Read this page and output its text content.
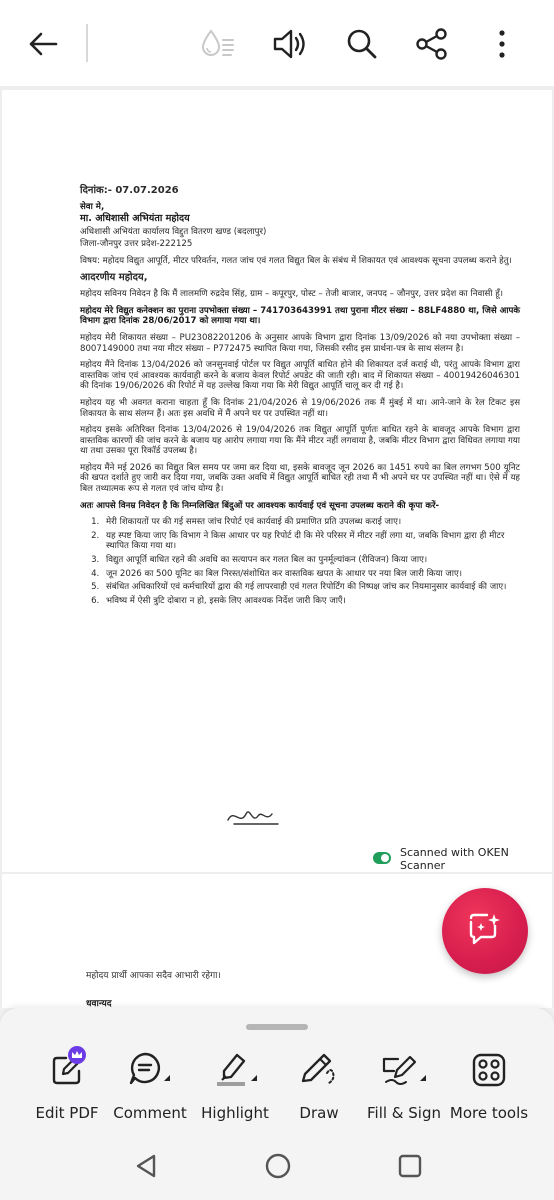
दिनांक:- 07.07.2026
सेवा मे,
मा. अधिशासी अभियंता महोदय
अधिशासी अभियंता कार्यालय विद्दुत वितरण खण्ड (बदलापुर)

जिला-जौनपुर उत्तर प्रदेश-222125

विषय: महोदय विद्युत आपूर्ति, मीटर परिवर्तन, गलत जांच एवं गलत विद्युत बिल के संबंध में शिकायत एवं आवश्यक सूचना उपलब्ध कराने हेतु।

आदरणीय महोदय,

महोदय सविनय निवेदन है कि मैं लालमणि रुद्रदेव सिंह, ग्राम – कपूरपुर, पोस्ट – तेजी बाजार, जनपद – जौनपुर, उत्तर प्रदेश का निवासी हूँ।

महोदय मेरे विद्युत कनेक्शन का पुराना उपभोक्ता संख्या – 741703643991 तथा पुराना मीटर संख्या – 88LF4880 था, जिसे आपके विभाग द्वारा दिनांक 28/06/2017 को लगाया गया था।

महोदय मेरी शिकायत संख्या – PU23082201206 के अनुसार आपके विभाग द्वारा दिनांक 13/09/2026 को नया उपभोक्ता संख्या – 8007149000 तथा नया मीटर संख्या – P772475 स्थापित किया गया, जिसकी रसीद इस प्रार्थना-पत्र के साथ संलग्न है।

महोदय मैंने दिनांक 13/04/2026 को जनसुनवाई पोर्टल पर विद्युत आपूर्ति बाधित होने की शिकायत दर्ज कराई थी, परंतु आपके विभाग द्वारा वास्तविक जांच एवं आवश्यक कार्यवाही करने के बजाय केवल रिपोर्ट अपडेट की जाती रही। बाद में शिकायत संख्या – 40019426046301 की दिनांक 19/06/2026 की रिपोर्ट में यह उल्लेख किया गया कि मेरी विद्युत आपूर्ति चालू कर दी गई है।

महोदय यह भी अवगत कराना चाहता हूँ कि दिनांक 21/04/2026 से 19/06/2026 तक मैं मुंबई में था। आने-जाने के रेल टिकट इस शिकायत के साथ संलग्न हैं। अतः इस अवधि में मैं अपने घर पर उपस्थित नहीं था।

महोदय इसके अतिरिक्त दिनांक 13/04/2026 से 19/04/2026 तक विद्युत आपूर्ति पूर्णतः बाधित रहने के बावजूद आपके विभाग द्वारा वास्तविक कारणों की जांच करने के बजाय यह आरोप लगाया गया कि मैंने मीटर नहीं लगवाया है, जबकि मीटर विभाग द्वारा विधिवत लगाया गया था तथा उसका पूरा रिकॉर्ड उपलब्ध है।

महोदय मैंने मई 2026 का विद्युत बिल समय पर जमा कर दिया था, इसके बावजूद जून 2026 का 1451 रुपये का बिल लगभग 500 यूनिट की खपत दर्शाते हुए जारी कर दिया गया, जबकि उक्त अवधि में विद्युत आपूर्ति बाधित रही तथा मैं भी अपने घर पर उपस्थित नहीं था। ऐसे में यह बिल तथ्यात्मक रूप से गलत एवं जांच योग्य है।

अतः आपसे विनम्र निवेदन है कि निम्नलिखित बिंदुओं पर आवश्यक कार्यवाई एवं सूचना उपलब्ध कराने की कृपा करें-

1. मेरी शिकायतों पर की गई समस्त जांच रिपोर्ट एवं कार्यवाई की प्रमाणित प्रति उपलब्ध कराई जाए।
2. यह स्पष्ट किया जाए कि विभाग ने किस आधार पर यह रिपोर्ट दी कि मेरे परिसर में मीटर नहीं लगा था, जबकि विभाग द्वारा ही मीटर स्थापित किया गया था।
3. विद्युत आपूर्ति बाधित रहने की अवधि का सत्यापन कर गलत बिल का पुनर्मूल्यांकन (रीविजन) किया जाए।
4. जून 2026 का 500 यूनिट का बिल निरस्त/संशोधित कर वास्तविक खपत के आधार पर नया बिल जारी किया जाए।
5. संबंधित अधिकारियों एवं कर्मचारियों द्वारा की गई लापरवाही एवं गलत रिपोर्टिंग की निष्पक्ष जांच कर नियमानुसार कार्यवाई की जाए।
6. भविष्य में ऐसी त्रुटि दोबारा न हो, इसके लिए आवश्यक निर्देश जारी किए जाएँ।
Scanned with OKEN Scanner
महोदय प्रार्थी आपका सदैव आभारी रहेगा।
धवान्यद
Edit PDF Comment Highlight	Draw	Fill & Sign More tools
